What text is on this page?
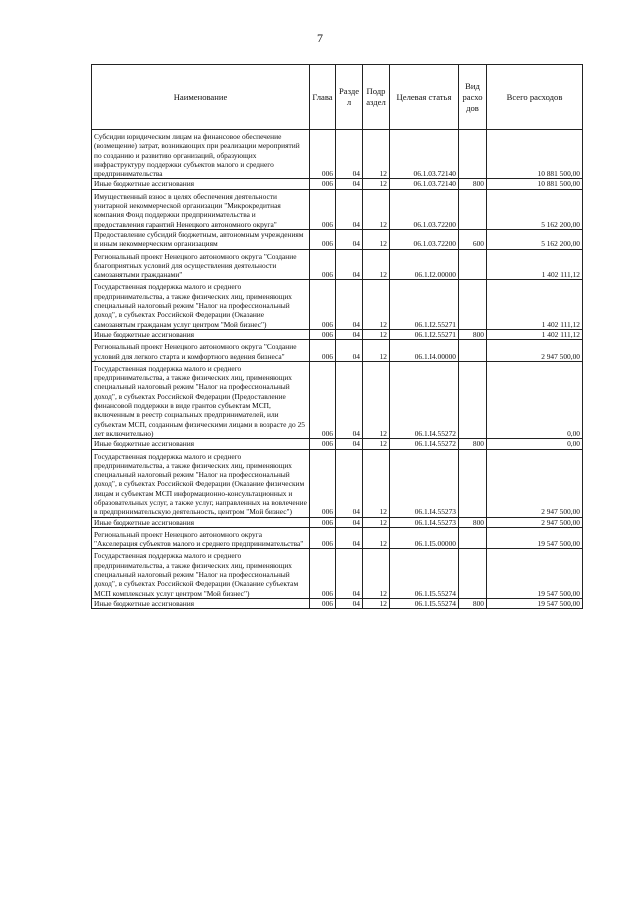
7
Наименование	Глава	Разде л	Подр аздел	Целевая статья	Вид расхо дов	Всего расходов
Субсидии юридическим лицам на финансовое обеспечение (возмещение) затрат, возникающих при реализации мероприятий по созданию и развитию организаций, образующих инфраструктуру поддержки субъектов малого и среднего предпринимательства	006	04	12	06.1.03.72140		10 881 500,00
Иные бюджетные ассигнования	006	04	12	06.1.03.72140	800	10 881 500,00
Имущественный взнос в целях обеспечения деятельности унитарной некоммерческой организации "Микрокредитная компания Фонд поддержки предпринимательства и предоставления гарантий Ненецкого автономного округа"	006	04	12	06.1.03.72200		5 162 200,00
Предоставление субсидий бюджетным, автономным учреждениям и иным некоммерческим организациям	006	04	12	06.1.03.72200	600	5 162 200,00
Региональный проект Ненецкого автономного округа "Создание благоприятных условий для осуществления деятельности самозанятыми гражданами"	006	04	12	06.1.I2.00000		1 402 111,12
Государственная поддержка малого и среднего предпринимательства, а также физических лиц, применяющих специальный налоговый режим "Налог на профессиональный доход", в субъектах Российской Федерации (Оказание самозанятым гражданам услуг центром "Мой бизнес")	006	04	12	06.1.I2.55271		1 402 111,12
Иные бюджетные ассигнования	006	04	12	06.1.I2.55271	800	1 402 111,12
Региональный проект Ненецкого автономного округа "Создание условий для легкого старта и комфортного ведения бизнеса"	006	04	12	06.1.I4.00000		2 947 500,00
Государственная поддержка малого и среднего предпринимательства, а также физических лиц, применяющих специальный налоговый режим "Налог на профессиональный доход", в субъектах Российской Федерации (Предоставление финансовой поддержки в виде грантов субъектам МСП, включенным в реестр социальных предпринимателей, или субъектам МСП, созданным физическими лицами в возрасте до 25 лет включительно)	006	04	12	06.1.I4.55272		0,00
Иные бюджетные ассигнования	006	04	12	06.1.I4.55272	800	0,00
Государственная поддержка малого и среднего предпринимательства, а также физических лиц, применяющих специальный налоговый режим "Налог на профессиональный доход", в субъектах Российской Федерации (Оказание физическим лицам и субъектам МСП информационно-консультационных и образовательных услуг, а также услуг, направленных на вовлечение в предпринимательскую деятельность, центром "Мой бизнес")	006	04	12	06.1.I4.55273		2 947 500,00
Иные бюджетные ассигнования	006	04	12	06.1.I4.55273	800	2 947 500,00
Региональный проект Ненецкого автономного округа "Акселерация субъектов малого и среднего предпринимательства"	006	04	12	06.1.I5.00000		19 547 500,00
Государственная поддержка малого и среднего предпринимательства, а также физических лиц, применяющих специальный налоговый режим "Налог на профессиональный доход", в субъектах Российской Федерации (Оказание субъектам МСП комплексных услуг центром "Мой бизнес")	006	04	12	06.1.I5.55274		19 547 500,00
Иные бюджетные ассигнования	006	04	12	06.1.I5.55274	800	19 547 500,00
